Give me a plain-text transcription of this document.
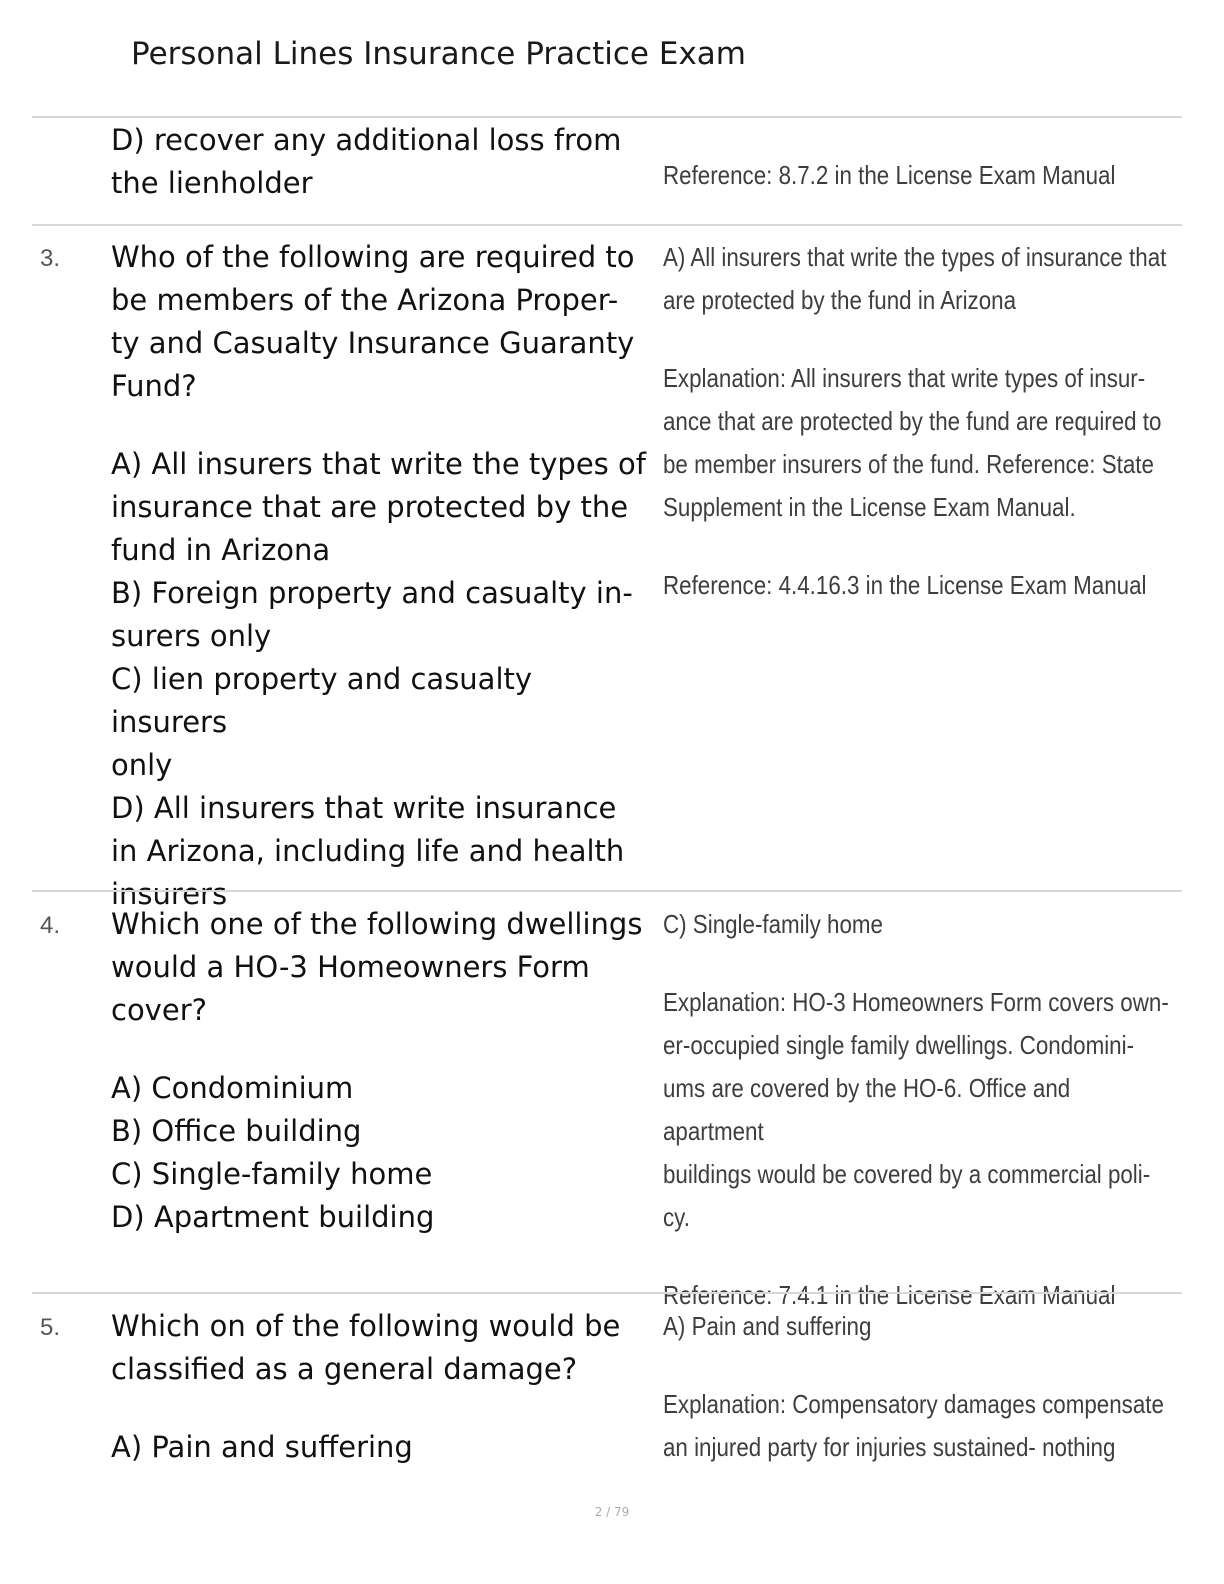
Personal Lines Insurance Practice Exam

D) recover any additional loss from
the lienholder	Reference: 8.7.2 in the License Exam Manual

3. Who of the following are required to
be members of the Arizona Proper-
ty and Casualty Insurance Guaranty
Fund?

A) All insurers that write the types of
insurance that are protected by the
fund in Arizona

B) Foreign property and casualty in-
surers only

C) lien property and casualty insurers
only

D) All insurers that write insurance
in Arizona, including life and health
insurers

A) All insurers that write the types of insurance that
are protected by the fund in Arizona

Explanation: All insurers that write types of insur-
ance that are protected by the fund are required to
be member insurers of the fund. Reference: State
Supplement in the License Exam Manual.

Reference: 4.4.16.3 in the License Exam Manual

4. Which one of the following dwellings
would a HO-3 Homeowners Form
cover?

A) Condominium

B) Office building

C) Single-family home

D) Apartment building

C) Single-family home

Explanation: HO-3 Homeowners Form covers own-
er-occupied single family dwellings. Condomini-
ums are covered by the HO-6. Office and apartment
buildings would be covered by a commercial poli-
cy.

Reference: 7.4.1 in the License Exam Manual

5. Which on of the following would be
classified as a general damage?

A) Pain and suffering

A) Pain and suffering

Explanation: Compensatory damages compensate
an injured party for injuries sustained- nothing

2 / 79
